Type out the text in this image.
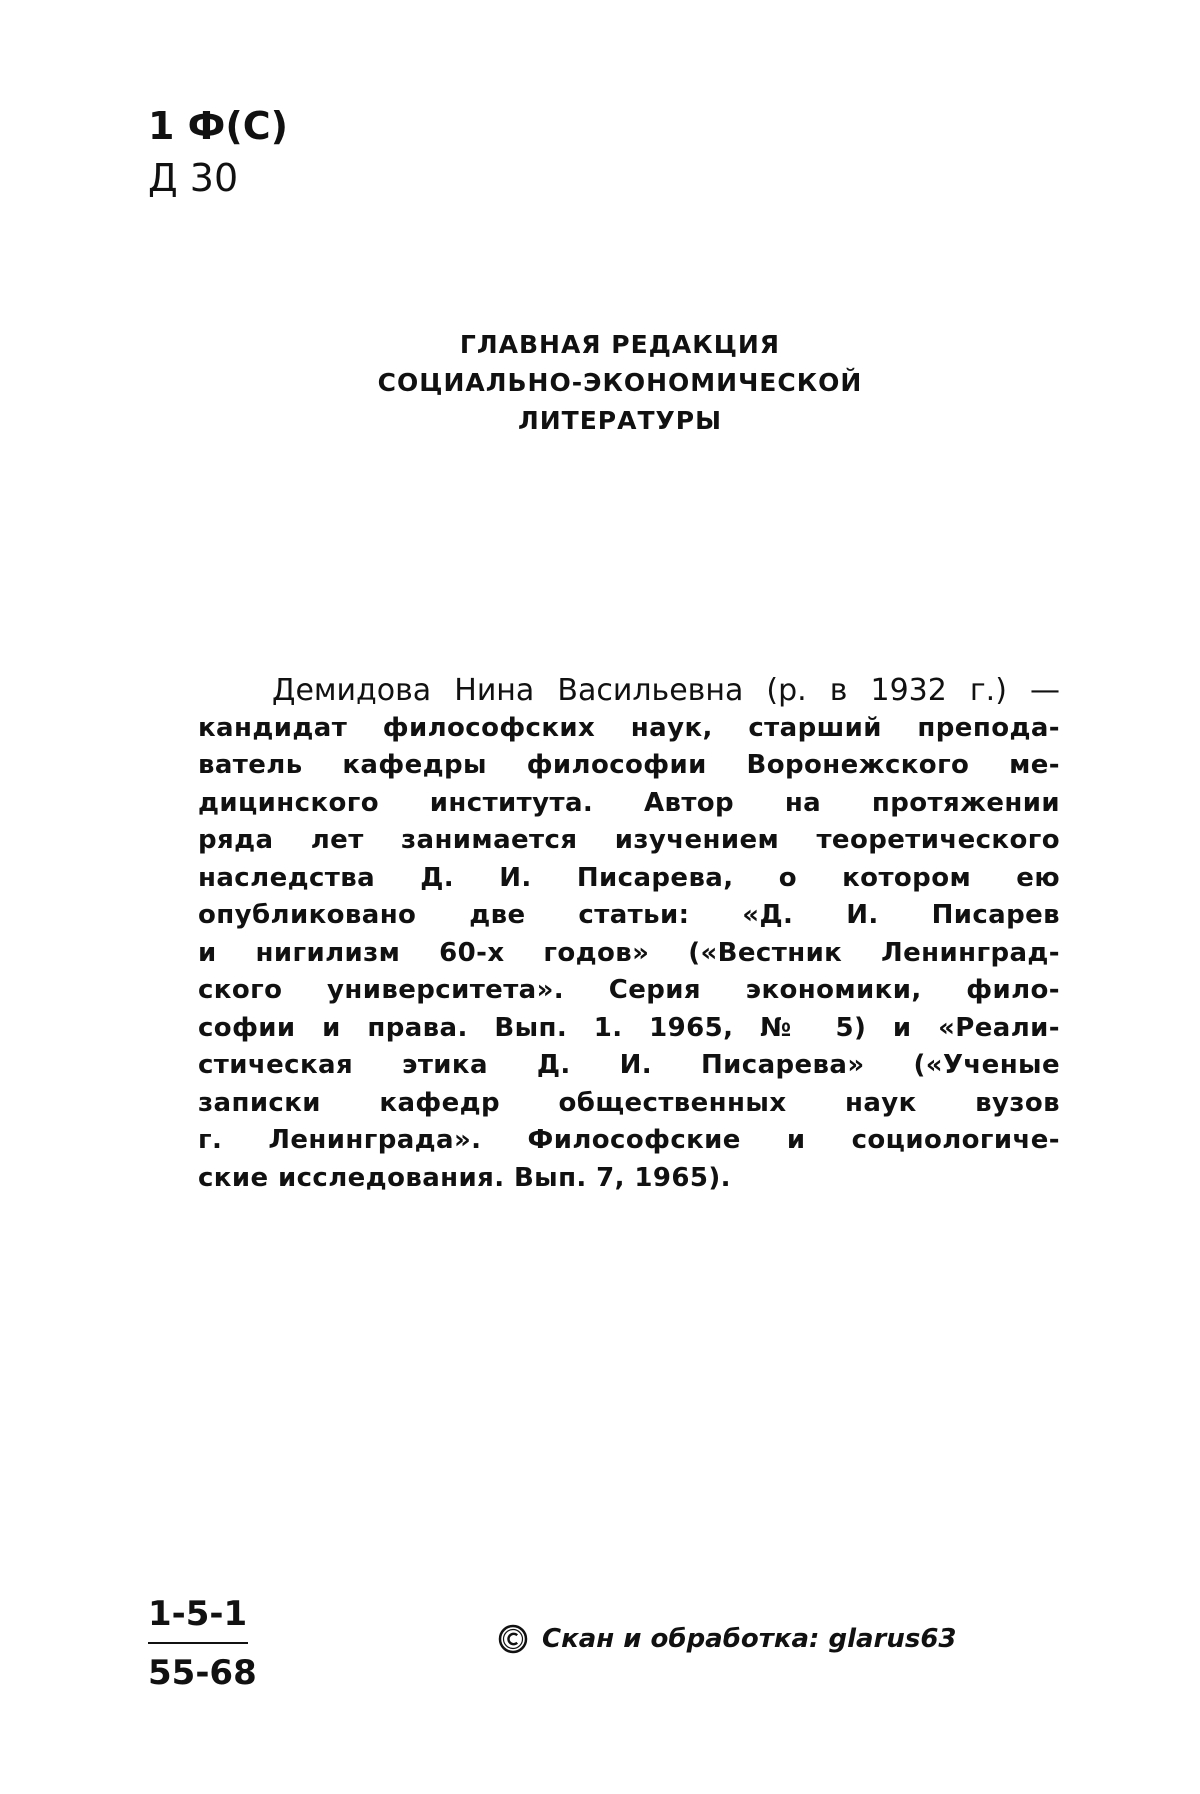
1 Ф(С)
Д 30
ГЛАВНАЯ РЕДАКЦИЯ
СОЦИАЛЬНО-ЭКОНОМИЧЕСКОЙ
ЛИТЕРАТУРЫ
Демидова Нина Васильевна (р. в 1932 г.) —
кандидат философских наук, старший препода-
ватель кафедры философии Воронежского ме-
дицинского института. Автор на протяжении
ряда лет занимается изучением теоретического
наследства Д. И. Писарева, о котором ею
опубликовано две статьи: «Д. И. Писарев
и нигилизм 60-х годов» («Вестник Ленинград-
ского университета». Серия экономики, фило-
софии и права. Вып. 1. 1965, № 5) и «Реали-
стическая этика Д. И. Писарева» («Ученые
записки кафедр общественных наук вузов
г. Ленинграда». Философские и социологиче-
ские исследования. Вып. 7, 1965).
$\frac{1-5-1}{55-68}$	Скан и обработка: glarus63
